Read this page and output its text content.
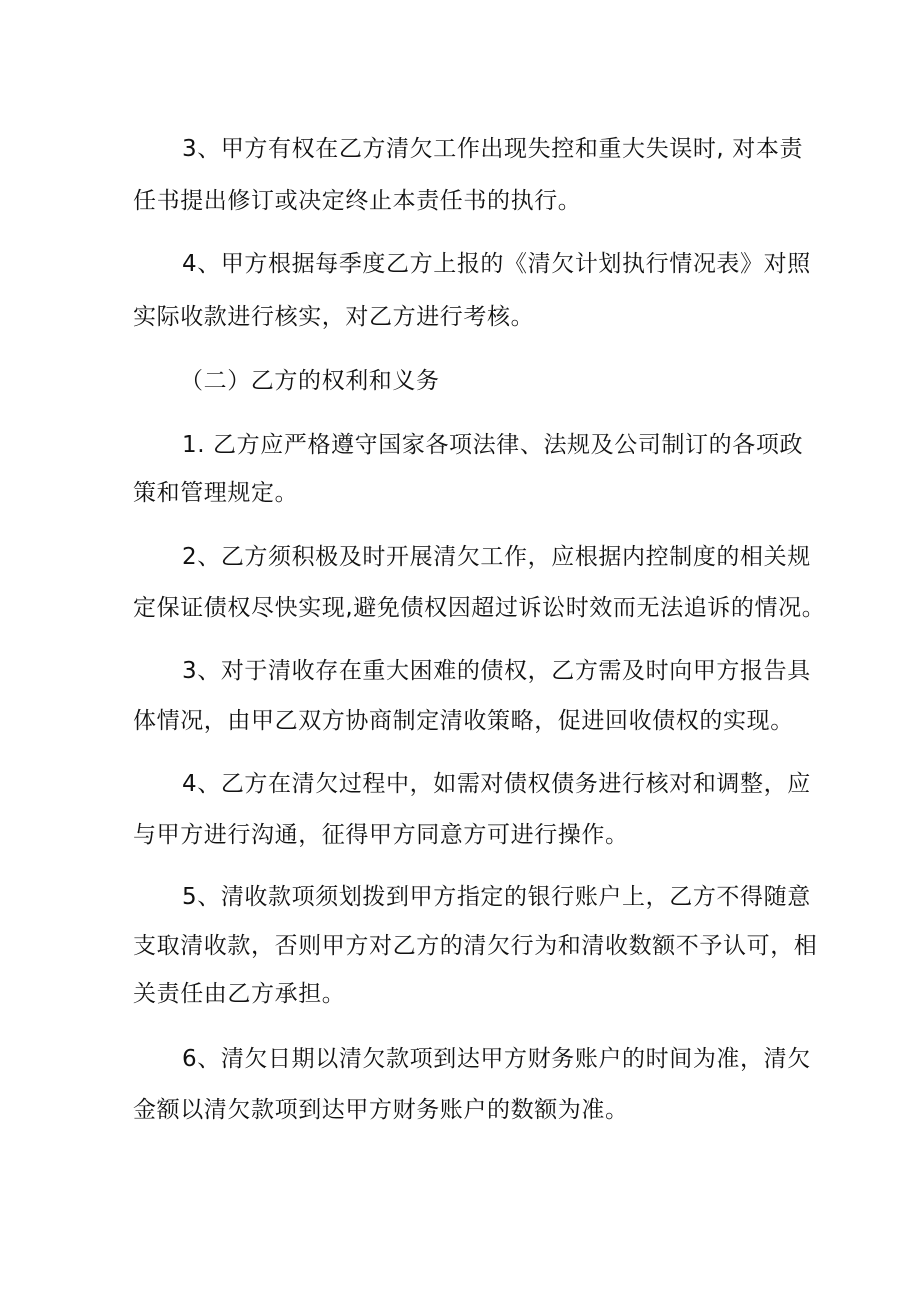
3、甲方有权在乙方清欠工作出现失控和重大失误时, 对本责
任书提出修订或决定终止本责任书的执行。
4、甲方根据每季度乙方上报的《清欠计划执行情况表》对照
实际收款进行核实，对乙方进行考核。
（二）乙方的权利和义务
1. 乙方应严格遵守国家各项法律、法规及公司制订的各项政
策和管理规定。
2、乙方须积极及时开展清欠工作，应根据内控制度的相关规
定保证债权尽快实现,避免债权因超过诉讼时效而无法追诉的情况。
3、对于清收存在重大困难的债权，乙方需及时向甲方报告具
体情况，由甲乙双方协商制定清收策略，促进回收债权的实现。
4、乙方在清欠过程中，如需对债权债务进行核对和调整，应
与甲方进行沟通，征得甲方同意方可进行操作。
5、清收款项须划拨到甲方指定的银行账户上，乙方不得随意
支取清收款，否则甲方对乙方的清欠行为和清收数额不予认可，相
关责任由乙方承担。
6、清欠日期以清欠款项到达甲方财务账户的时间为准，清欠
金额以清欠款项到达甲方财务账户的数额为准。
